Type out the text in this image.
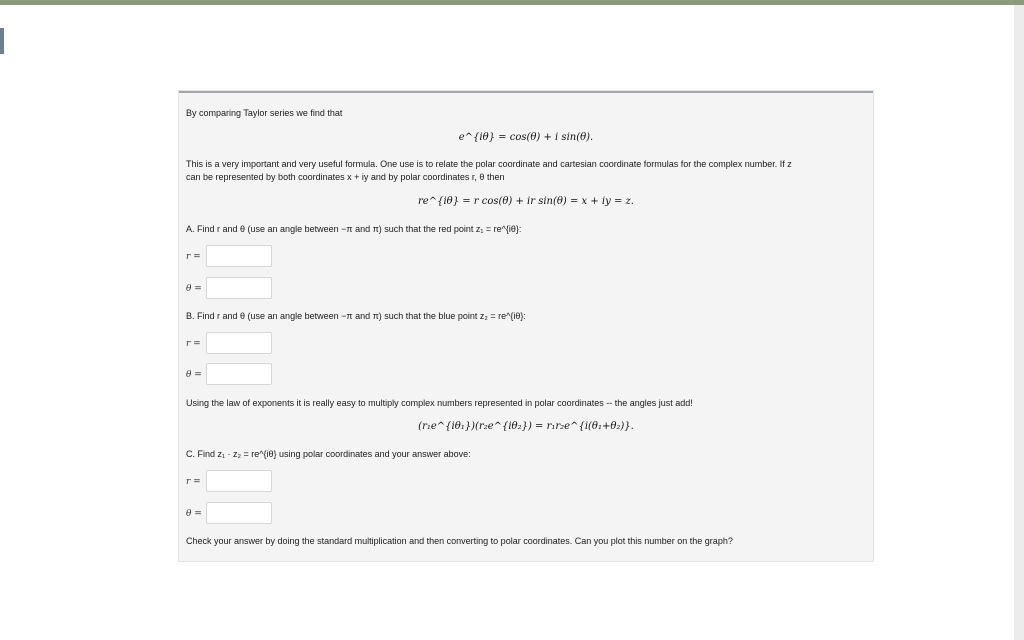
By comparing Taylor series we find that
e^{iθ} = cos(θ) + i sin(θ).
This is a very important and very useful formula. One use is to relate the polar coordinate and cartesian coordinate formulas for the complex number. If z
can be represented by both coordinates x + iy and by polar coordinates r, θ then
re^{iθ} = r cos(θ) + ir sin(θ) = x + iy = z.
A. Find r and θ (use an angle between −π and π) such that the red point z₁ = re^{iθ}:
r =
θ =
B. Find r and θ (use an angle between −π and π) such that the blue point z₂ = re^{iθ}:
r =
θ =
Using the law of exponents it is really easy to multiply complex numbers represented in polar coordinates -- the angles just add!
(r₁e^{iθ₁})(r₂e^{iθ₂}) = r₁r₂e^{i(θ₁+θ₂)}.
C. Find z₁ · z₂ = re^{iθ} using polar coordinates and your answer above:
r =
θ =
Check your answer by doing the standard multiplication and then converting to polar coordinates. Can you plot this number on the graph?
